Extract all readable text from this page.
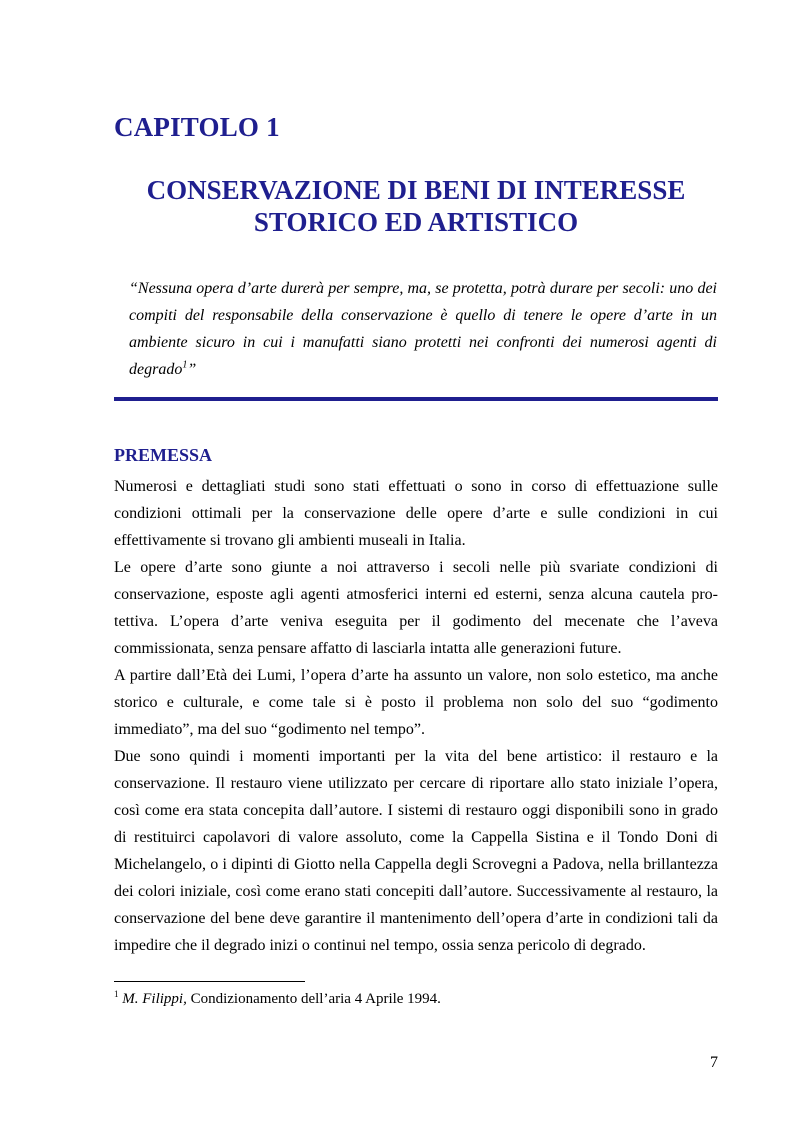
CAPITOLO 1
CONSERVAZIONE DI BENI DI INTERESSE
STORICO ED ARTISTICO
“Nessuna opera d’arte durerà per sempre, ma, se protetta, potrà durare per secoli: uno dei compiti del responsabile della conservazione è quello di tenere le opere d’arte in un ambiente sicuro in cui i manufatti siano protetti nei confronti dei numerosi agenti di degrado$^1$”
PREMESSA
Numerosi e dettagliati studi sono stati effettuati o sono in corso di effettuazione sulle
condizioni ottimali per la conservazione delle opere d’arte e sulle condizioni in cui
effettivamente si trovano gli ambienti museali in Italia.
Le opere d’arte sono giunte a noi attraverso i secoli nelle più svariate condizioni di
conservazione, esposte agli agenti atmosferici interni ed esterni, senza alcuna cautela pro-
tettiva. L’opera d’arte veniva eseguita per il godimento del mecenate che l’aveva
commissionata, senza pensare affatto di lasciarla intatta alle generazioni future.
A partire dall’Età dei Lumi, l’opera d’arte ha assunto un valore, non solo estetico, ma anche
storico e culturale, e come tale si è posto il problema non solo del suo “godimento
immediato”, ma del suo “godimento nel tempo”.
Due sono quindi i momenti importanti per la vita del bene artistico: il restauro e la
conservazione. Il restauro viene utilizzato per cercare di riportare allo stato iniziale l’opera,
così come era stata concepita dall’autore. I sistemi di restauro oggi disponibili sono in grado
di restituirci capolavori di valore assoluto, come la Cappella Sistina e il Tondo Doni di
Michelangelo, o i dipinti di Giotto nella Cappella degli Scrovegni a Padova, nella brillantezza
dei colori iniziale, così come erano stati concepiti dall’autore. Successivamente al restauro, la
conservazione del bene deve garantire il mantenimento dell’opera d’arte in condizioni tali da
impedire che il degrado inizi o continui nel tempo, ossia senza pericolo di degrado.
$^1$ M. Filippi, Condizionamento dell’aria 4 Aprile 1994.
7
